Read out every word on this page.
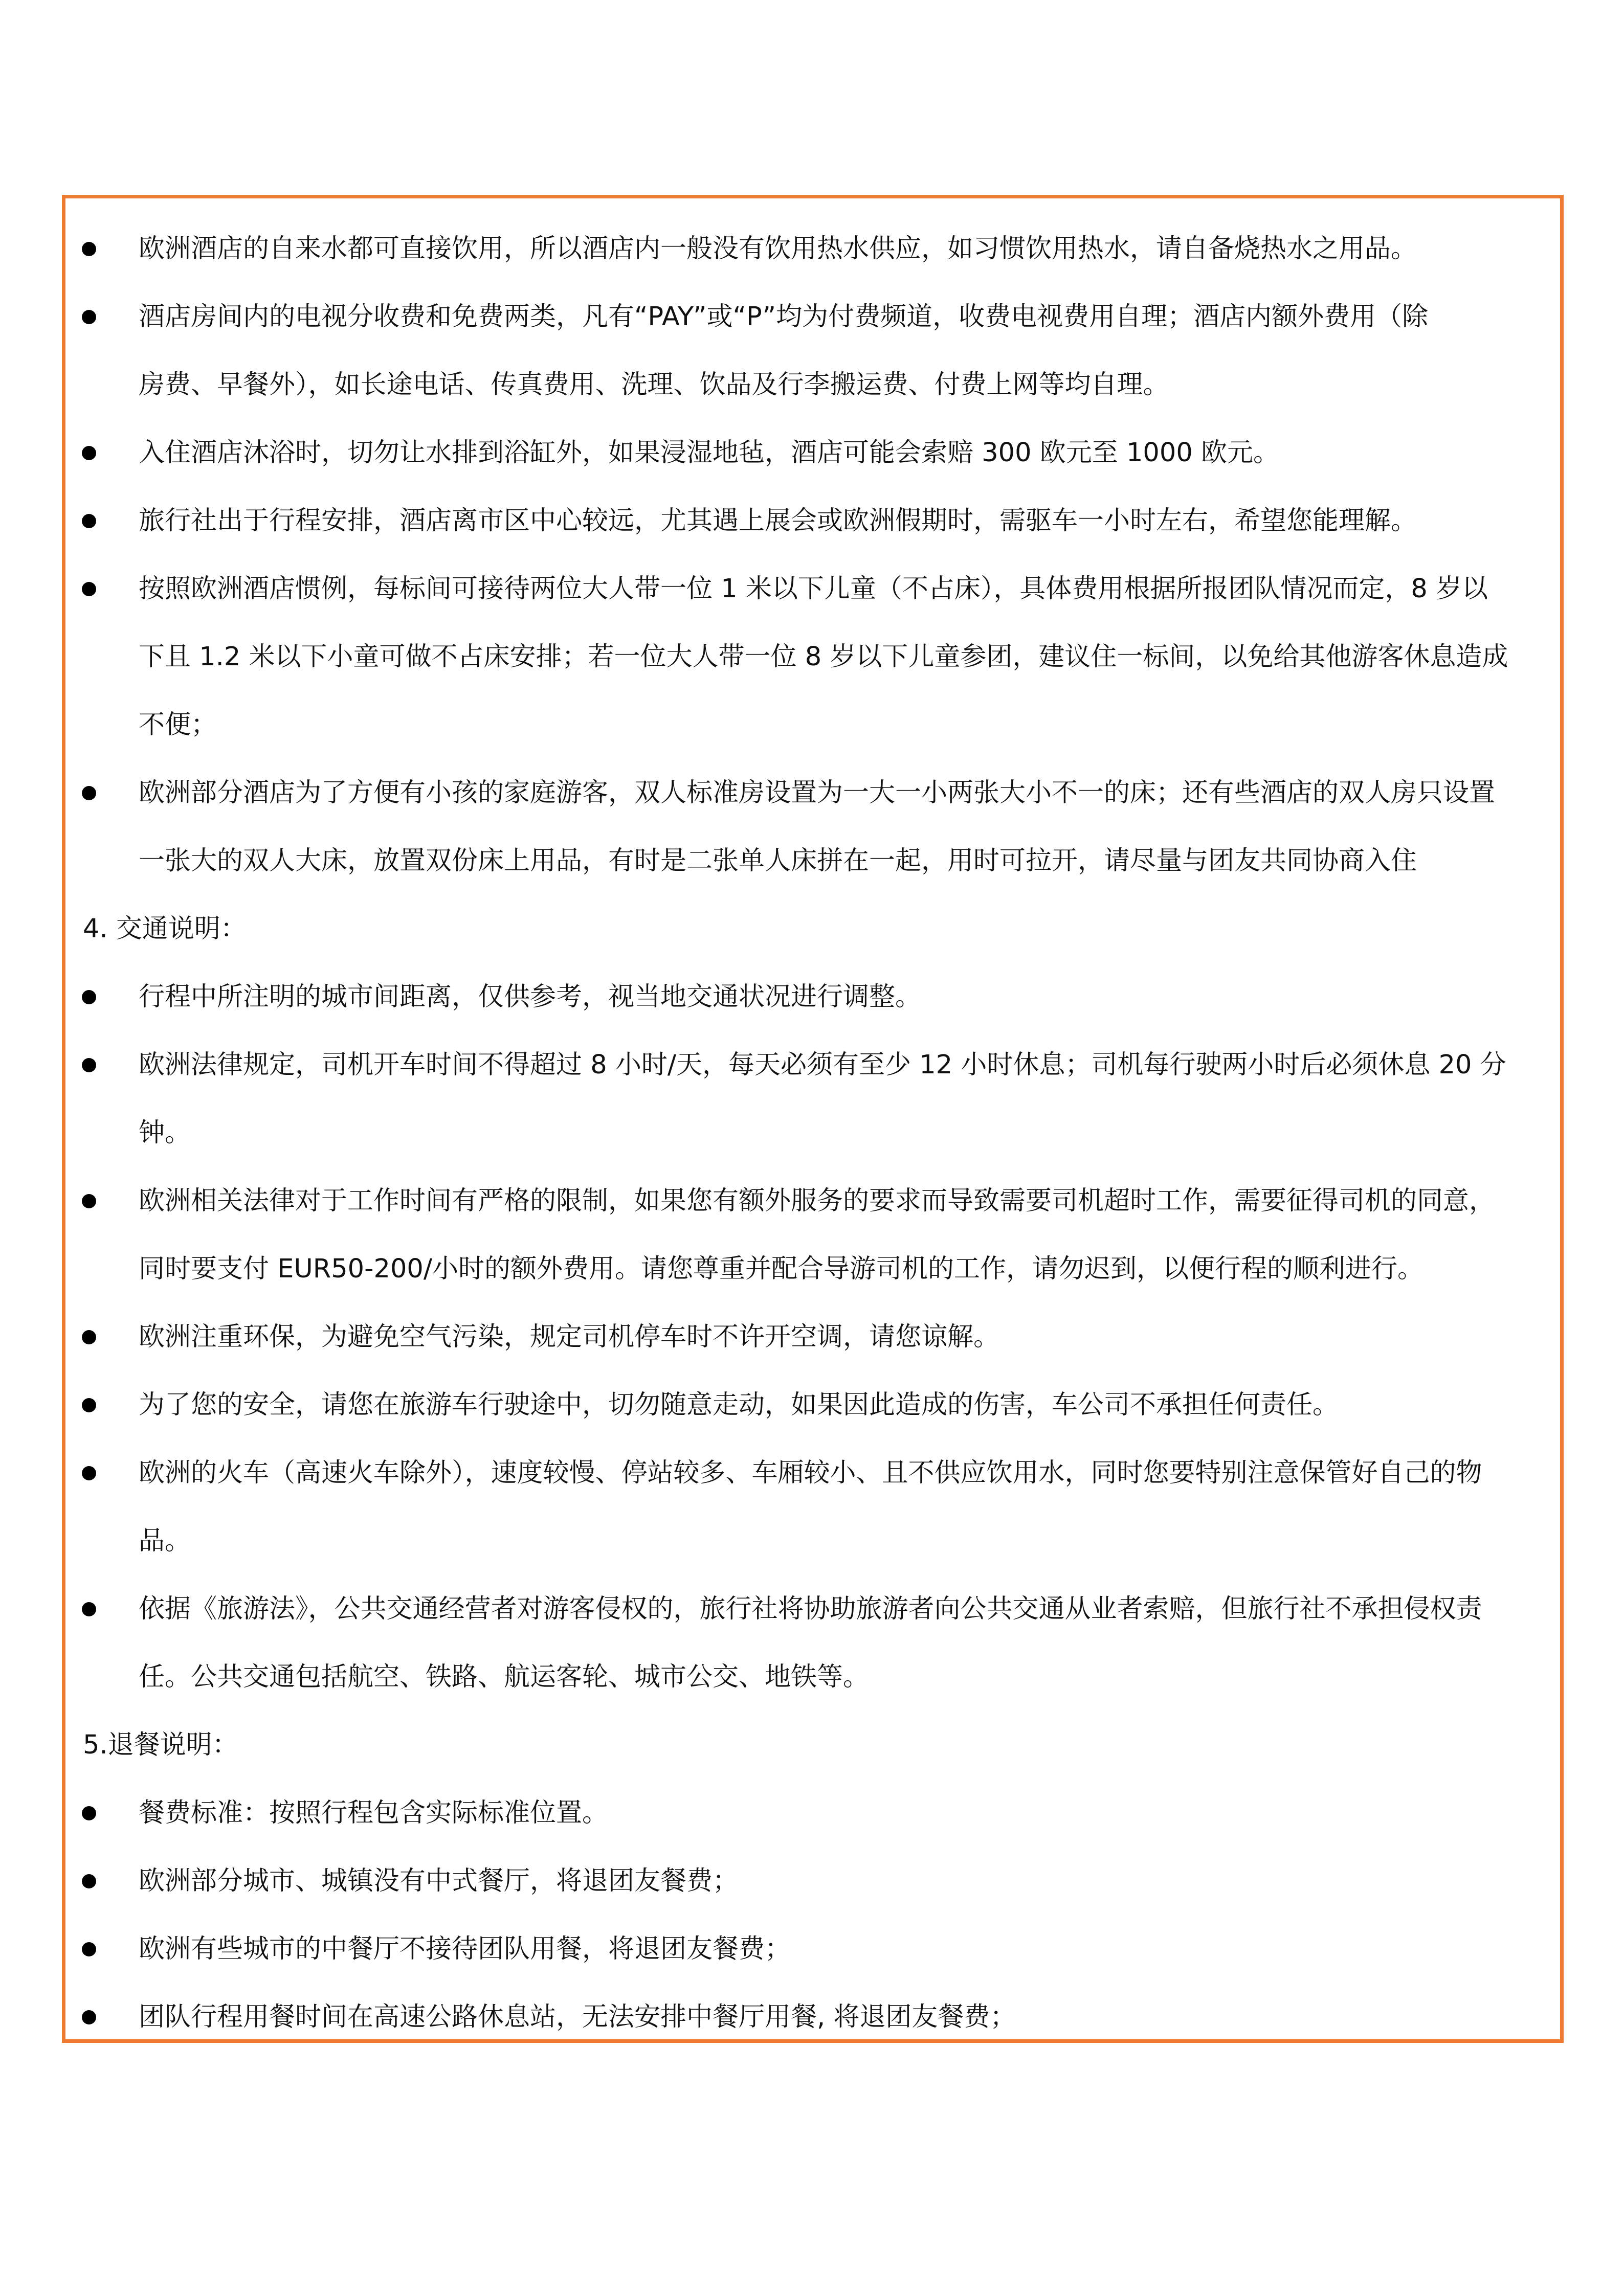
欧洲酒店的自来水都可直接饮用，所以酒店内一般没有饮用热水供应，如习惯饮用热水，请自备烧热水之用品。
酒店房间内的电视分收费和免费两类，凡有“PAY”或“P”均为付费频道，收费电视费用自理；酒店内额外费用（除
房费、早餐外），如长途电话、传真费用、洗理、饮品及行李搬运费、付费上网等均自理。
入住酒店沐浴时，切勿让水排到浴缸外，如果浸湿地毡，酒店可能会索赔 300 欧元至 1000 欧元。
旅行社出于行程安排，酒店离市区中心较远，尤其遇上展会或欧洲假期时，需驱车一小时左右，希望您能理解。
按照欧洲酒店惯例，每标间可接待两位大人带一位 1 米以下儿童（不占床），具体费用根据所报团队情况而定，8 岁以
下且 1.2 米以下小童可做不占床安排；若一位大人带一位 8 岁以下儿童参团，建议住一标间，以免给其他游客休息造成
不便；
欧洲部分酒店为了方便有小孩的家庭游客，双人标准房设置为一大一小两张大小不一的床；还有些酒店的双人房只设置
一张大的双人大床，放置双份床上用品，有时是二张单人床拼在一起，用时可拉开，请尽量与团友共同协商入住
4. 交通说明：
行程中所注明的城市间距离，仅供参考，视当地交通状况进行调整。
欧洲法律规定，司机开车时间不得超过 8 小时/天，每天必须有至少 12 小时休息；司机每行驶两小时后必须休息 20 分
钟。
欧洲相关法律对于工作时间有严格的限制，如果您有额外服务的要求而导致需要司机超时工作，需要征得司机的同意，
同时要支付 EUR50-200/小时的额外费用。请您尊重并配合导游司机的工作，请勿迟到，以便行程的顺利进行。
欧洲注重环保，为避免空气污染，规定司机停车时不许开空调，请您谅解。
为了您的安全，请您在旅游车行驶途中，切勿随意走动，如果因此造成的伤害，车公司不承担任何责任。
欧洲的火车（高速火车除外），速度较慢、停站较多、车厢较小、且不供应饮用水，同时您要特别注意保管好自己的物
品。
依据《旅游法》，公共交通经营者对游客侵权的，旅行社将协助旅游者向公共交通从业者索赔，但旅行社不承担侵权责
任。公共交通包括航空、铁路、航运客轮、城市公交、地铁等。
5.退餐说明：
餐费标准：按照行程包含实际标准位置。
欧洲部分城市、城镇没有中式餐厅，将退团友餐费；
欧洲有些城市的中餐厅不接待团队用餐，将退团友餐费；
团队行程用餐时间在高速公路休息站，无法安排中餐厅用餐, 将退团友餐费；
